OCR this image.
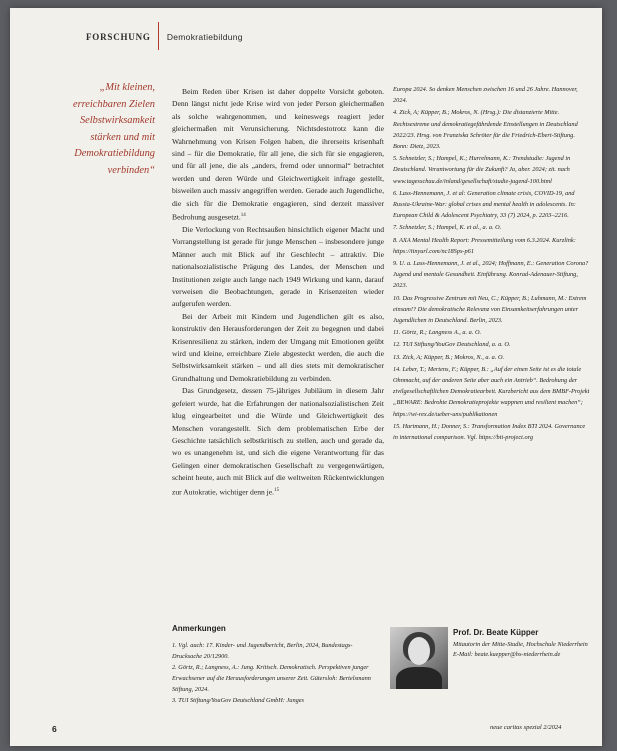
FORSCHUNG Demokratiebildung
„Mit kleinen, erreichbaren Zielen Selbstwirksamkeit stärken und mit Demokratiebildung verbinden“

Beim Reden über Krisen ist daher doppelte Vorsicht geboten. Denn längst nicht jede Krise wird von jeder Person gleichermaßen als solche wahrgenommen, und keineswegs reagiert jeder gleichermaßen mit Verunsicherung. Nichtsdestotrotz kann die Wahrnehmung von Krisen Folgen haben, die ihrerseits krisenhaft sind – für die Demokratie, für all jene, die sich für sie engagieren, und für all jene, die als „anders, fremd oder unnormal“ betrachtet werden und deren Würde und Gleichwertigkeit infrage gestellt, bisweilen auch massiv angegriffen werden. Gerade auch Jugendliche, die sich für die Demokratie engagieren, sind derzeit massiver Bedrohung ausgesetzt.$^{14}$

Die Verlockung von Rechtsaußen hinsichtlich eigener Macht und Vorrangstellung ist gerade für junge Menschen – insbesondere junge Männer auch mit Blick auf ihr Geschlecht – attraktiv. Die nationalsozialistische Prägung des Landes, der Menschen und Institutionen zeigte auch lange nach 1949 Wirkung und kann, darauf verweisen die Beobachtungen, gerade in Krisenzeiten wieder aufgerufen werden.

Bei der Arbeit mit Kindern und Jugendlichen gilt es also, konstruktiv den Herausforderungen der Zeit zu begegnen und dabei Krisenresilienz zu stärken, indem der Umgang mit Emotionen geübt wird und kleine, erreichbare Ziele abgesteckt werden, die auch die Selbstwirksamkeit stärken – und all dies stets mit demokratischer Grundhaltung und Demokratiebildung zu verbinden.

Das Grundgesetz, dessen 75-jähriges Jubiläum in diesem Jahr gefeiert wurde, hat die Erfahrungen der nationalsozialistischen Zeit klug eingearbeitet und die Würde und Gleichwertigkeit des Menschen vorangestellt. Sich dem problematischen Erbe der Geschichte tatsächlich selbstkritisch zu stellen, auch und gerade da, wo es unangenehm ist, und sich die eigene Verantwortung für das Gelingen einer demokratischen Gesellschaft zu vergegenwärtigen, scheint heute, auch mit Blick auf die weltweiten Rückentwicklungen zur Autokratie, wichtiger denn je.$^{15}$

Europa 2024. So denken Menschen zwischen 16 und 26 Jahre. Hannover, 2024.

4. Zick, A; Küpper, B.; Mokros, N. (Hrsg.): Die distanzierte Mitte. Rechtsextreme und demokratiegefährdende Einstellungen in Deutschland 2022/23. Hrsg. von Franziska Schröter für die Friedrich-Ebert-Stiftung. Bonn: Dietz, 2023.

5. Schnetzler, S.; Hampel, K.; Hurrelmann, K.: Trendstudie: Jugend in Deutschland. Verantwortung für die Zukunft? Ja, aber. 2024; zit. nach www.tagesschau.de/inland/gesellschaft/studie-jugend-100.html

6. Lass-Hennemann, J. et al: Generation climate crisis, COVID-19, and Russia-Ukraine-War: global crises and mental health in adolescents. In: European Child & Adolescent Psychiatry, 33 (7) 2024, p. 2203–2216.

7. Schnetzler, S.; Hampel, K. et al., a. a. O.

8. AXA Mental Health Report: Pressemitteilung vom 6.3.2024. Kurzlink: https://tinyurl.com/nc18Sps-p61

9. U. a. Lass-Hennemann, J. et al., 2024; Hoffmann, E.: Generation Corona? Jugend und mentale Gesundheit. Einführung. Konrad-Adenauer-Stiftung, 2023.

10. Das Progressive Zentrum mit Neu, C.; Küpper, B.; Luhmann, M.: Extrem einsam!? Die demokratische Relevanz von Einsamkeitserfahrungen unter Jugendlichen in Deutschland. Berlin, 2023.

11. Görtz, R.; Langness A., a. a. O.

12. TUI Stiftung/YouGov Deutschland, a. a. O.

13. Zick, A; Küpper, B.; Mokros, N., a. a. O.

14. Leber, T.; Mertens, F.; Küpper, B.: „Auf der einen Seite ist es die totale Ohnmacht, auf der anderen Seite aber auch ein Antrieb“. Bedrohung der zivilgesellschaftlichen Demokratiearbeit. Kurzbericht aus dem BMBF-Projekt „BEWARE: Bedrohte Demokratieprojekte wappnen und resilient machen“; https://wi-rex.de/ueber-uns/publikationen

15. Hartmann, H.; Donner, S.: Transformation Index BTI 2024. Governance in international comparison. Vgl. https://bti-project.org

Anmerkungen

1. Vgl. auch: 17. Kinder- und Jugendbericht, Berlin, 2024, Bundestags-Drucksache 20/12900.

2. Görtz, R.; Langness, A.: Jung. Kritisch. Demokratisch. Perspektiven junger Erwachsener auf die Herausforderungen unserer Zeit. Gütersloh: Bertelsmann Stiftung, 2024.

3. TUI Stiftung/YouGov Deutschland GmbH: Junges

Prof. Dr. Beate Küpper
Mitautorin der Mitte-Studie, Hochschule Niederrhein
E-Mail: beate.kuepper@hs-niederrhein.de
6	neue caritas spezial 2/2024
